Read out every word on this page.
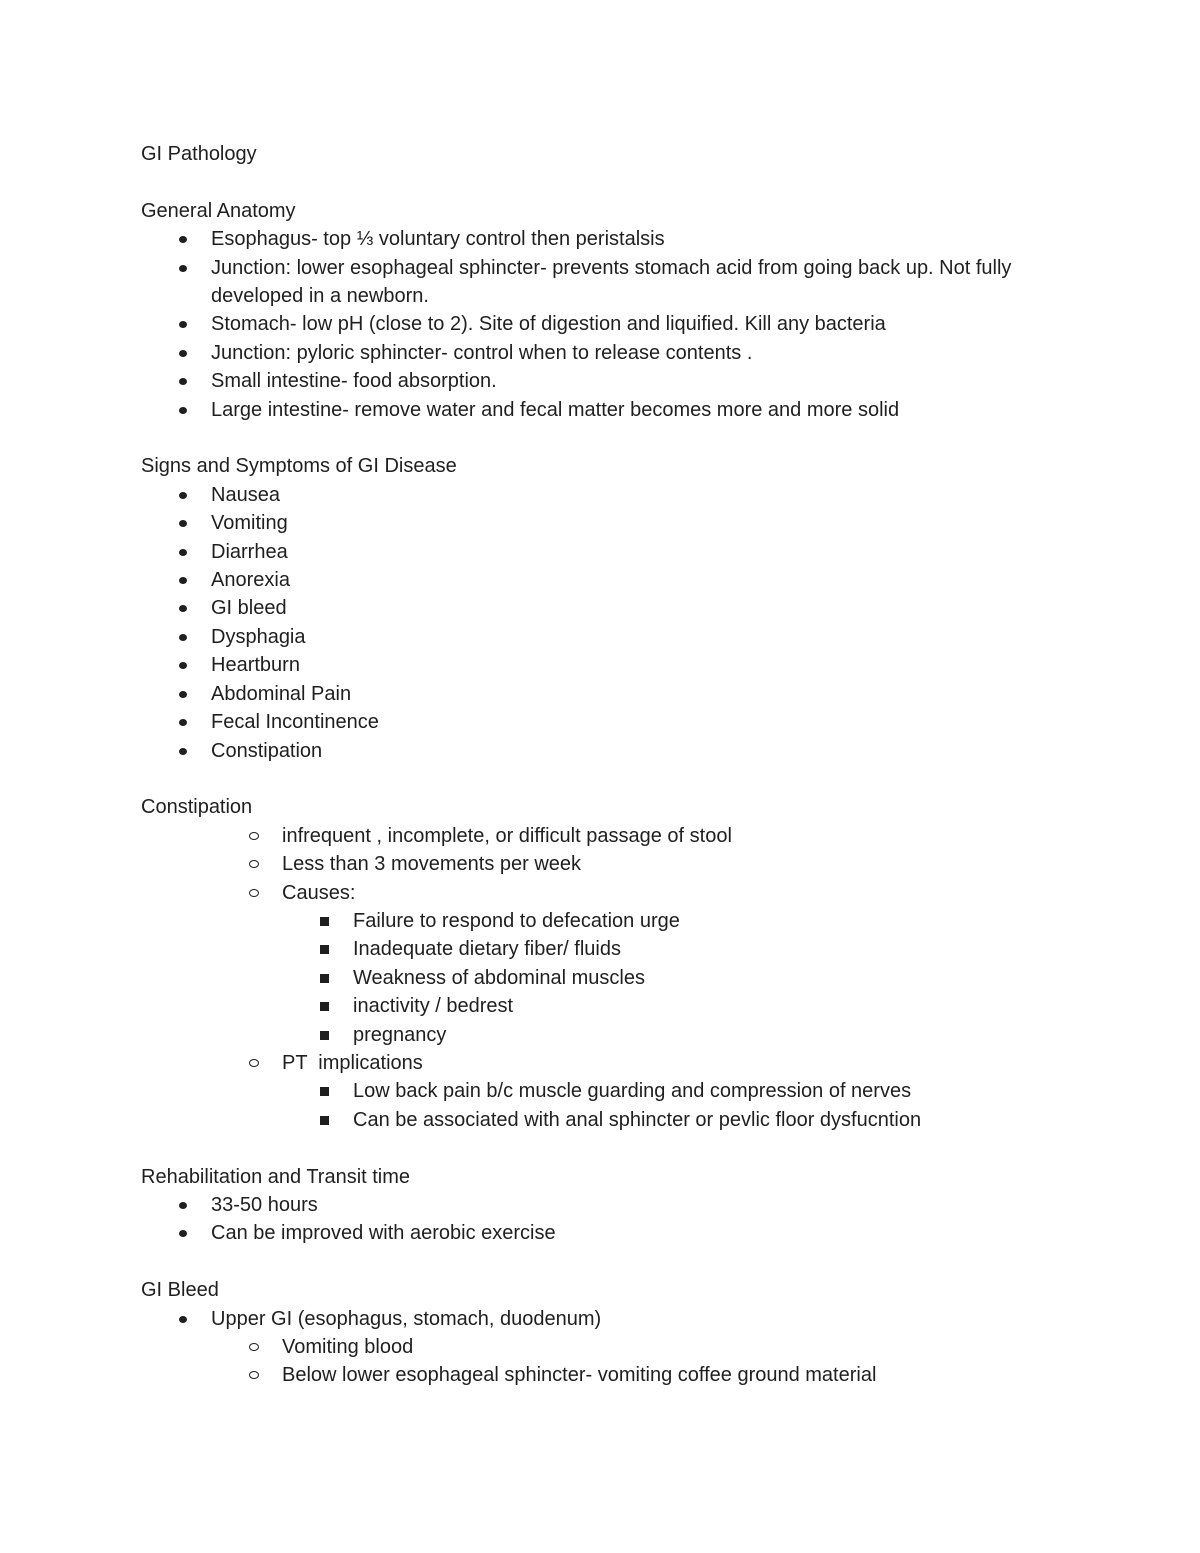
GI Pathology

General Anatomy

Esophagus- top ⅓ voluntary control then peristalsis
Junction: lower esophageal sphincter- prevents stomach acid from going back up. Not fully developed in a newborn.
Stomach- low pH (close to 2). Site of digestion and liquified. Kill any bacteria
Junction: pyloric sphincter- control when to release contents .
Small intestine- food absorption.
Large intestine- remove water and fecal matter becomes more and more solid

Signs and Symptoms of GI Disease

Nausea
Vomiting
Diarrhea
Anorexia
GI bleed
Dysphagia
Heartburn
Abdominal Pain
Fecal Incontinence
Constipation

Constipation

infrequent , incomplete, or difficult passage of stool
Less than 3 movements per week
Causes:
Failure to respond to defecation urge
Inadequate dietary fiber/ fluids
Weakness of abdominal muscles
inactivity / bedrest
pregnancy
PT  implications
Low back pain b/c muscle guarding and compression of nerves
Can be associated with anal sphincter or pevlic floor dysfucntion

Rehabilitation and Transit time

33-50 hours
Can be improved with aerobic exercise

GI Bleed

Upper GI (esophagus, stomach, duodenum)
Vomiting blood
Below lower esophageal sphincter- vomiting coffee ground material
